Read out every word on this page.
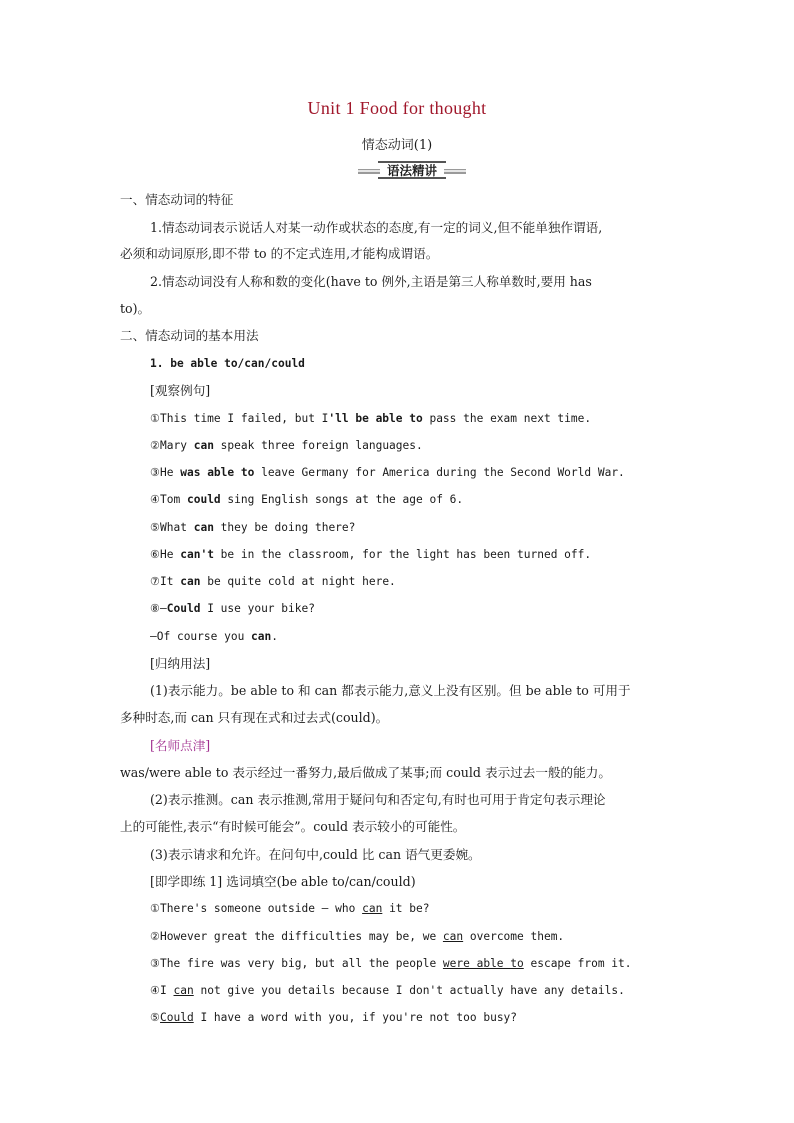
Unit 1 Food for thought
情态动词(1)
语法精讲
一、情态动词的特征
1.情态动词表示说话人对某一动作或状态的态度,有一定的词义,但不能单独作谓语,
必须和动词原形,即不带 to 的不定式连用,才能构成谓语。
2.情态动词没有人称和数的变化(have to 例外,主语是第三人称单数时,要用 has
to)。
二、情态动词的基本用法
1. be able to/can/could
[观察例句]
①This time I failed, but I'll be able to pass the exam next time.
②Mary can speak three foreign languages.
③He was able to leave Germany for America during the Second World War.
④Tom could sing English songs at the age of 6.
⑤What can they be doing there?
⑥He can't be in the classroom, for the light has been turned off.
⑦It can be quite cold at night here.
⑧—Could I use your bike?
—Of course you can.
[归纳用法]
(1)表示能力。be able to 和 can 都表示能力,意义上没有区别。但 be able to 可用于
多种时态,而 can 只有现在式和过去式(could)。
[名师点津]
was/were able to 表示经过一番努力,最后做成了某事;而 could 表示过去一般的能力。
(2)表示推测。can 表示推测,常用于疑问句和否定句,有时也可用于肯定句表示理论
上的可能性,表示“有时候可能会”。could 表示较小的可能性。
(3)表示请求和允许。在问句中,could 比 can 语气更委婉。
[即学即练 1] 选词填空(be able to/can/could)
①There's someone outside — who can it be?
②However great the difficulties may be, we can overcome them.
③The fire was very big, but all the people were able to escape from it.
④I can not give you details because I don't actually have any details.
⑤Could I have a word with you, if you're not too busy?
